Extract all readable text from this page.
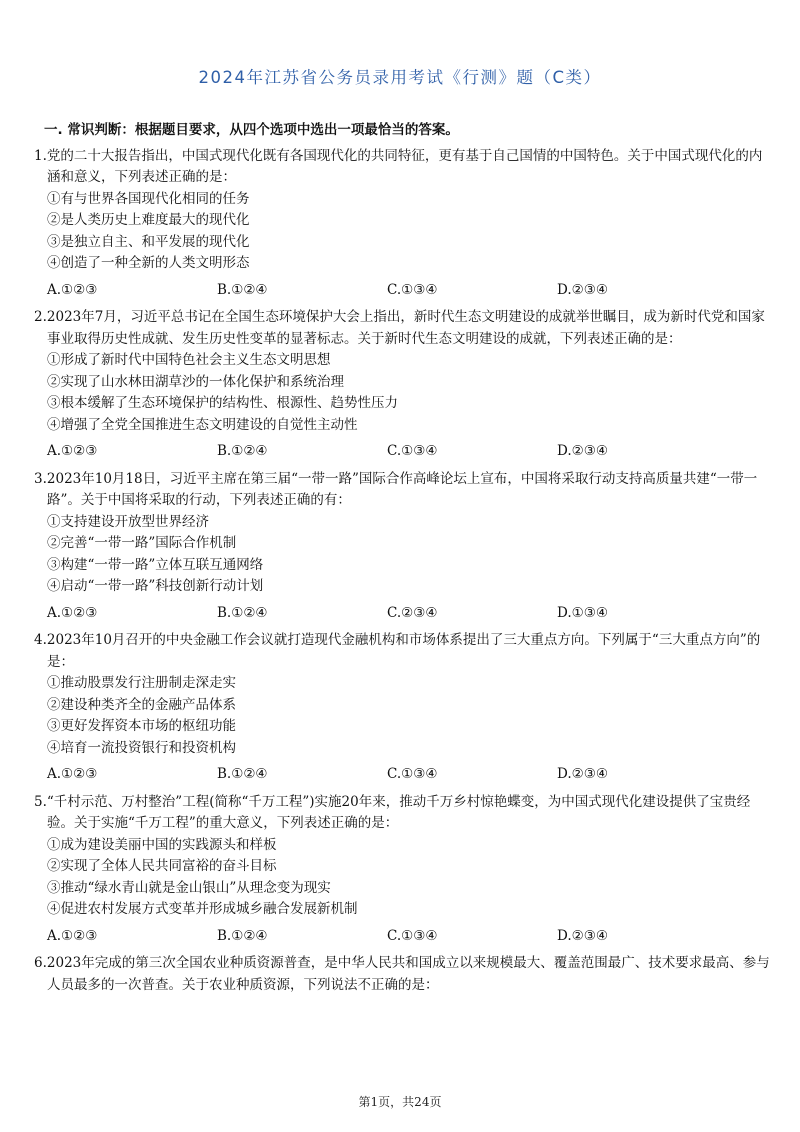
2024年江苏省公务员录用考试《行测》题（C类）
一. 常识判断：根据题目要求，从四个选项中选出一项最恰当的答案。

1.党的二十大报告指出，中国式现代化既有各国现代化的共同特征，更有基于自己国情的中国特色。关于中国式现代化的内涵和意义，下列表述正确的是：

①有与世界各国现代化相同的任务

②是人类历史上难度最大的现代化

③是独立自主、和平发展的现代化

④创造了一种全新的人类文明形态

A.①②③	B.①②④	C.①③④	D.②③④

2.2023年7月，习近平总书记在全国生态环境保护大会上指出，新时代生态文明建设的成就举世瞩目，成为新时代党和国家事业取得历史性成就、发生历史性变革的显著标志。关于新时代生态文明建设的成就，下列表述正确的是：

①形成了新时代中国特色社会主义生态文明思想

②实现了山水林田湖草沙的一体化保护和系统治理

③根本缓解了生态环境保护的结构性、根源性、趋势性压力

④增强了全党全国推进生态文明建设的自觉性主动性

A.①②③	B.①②④	C.①③④	D.②③④

3.2023年10月18日，习近平主席在第三届“一带一路”国际合作高峰论坛上宣布，中国将采取行动支持高质量共建“一带一路”。关于中国将采取的行动，下列表述正确的有：

①支持建设开放型世界经济

②完善“一带一路”国际合作机制

③构建“一带一路”立体互联互通网络

④启动“一带一路”科技创新行动计划

A.①②③	B.①②④	C.②③④	D.①③④

4.2023年10月召开的中央金融工作会议就打造现代金融机构和市场体系提出了三大重点方向。下列属于“三大重点方向”的是：

①推动股票发行注册制走深走实

②建设种类齐全的金融产品体系

③更好发挥资本市场的枢纽功能

④培育一流投资银行和投资机构

A.①②③	B.①②④	C.①③④	D.②③④

5.“千村示范、万村整治”工程(简称“千万工程”)实施20年来，推动千万乡村惊艳蝶变，为中国式现代化建设提供了宝贵经验。关于实施“千万工程”的重大意义，下列表述正确的是：

①成为建设美丽中国的实践源头和样板

②实现了全体人民共同富裕的奋斗目标

③推动“绿水青山就是金山银山”从理念变为现实

④促进农村发展方式变革并形成城乡融合发展新机制

A.①②③	B.①②④	C.①③④	D.②③④

6.2023年完成的第三次全国农业种质资源普查，是中华人民共和国成立以来规模最大、覆盖范围最广、技术要求最高、参与人员最多的一次普查。关于农业种质资源，下列说法不正确的是：

第1页，共24页
